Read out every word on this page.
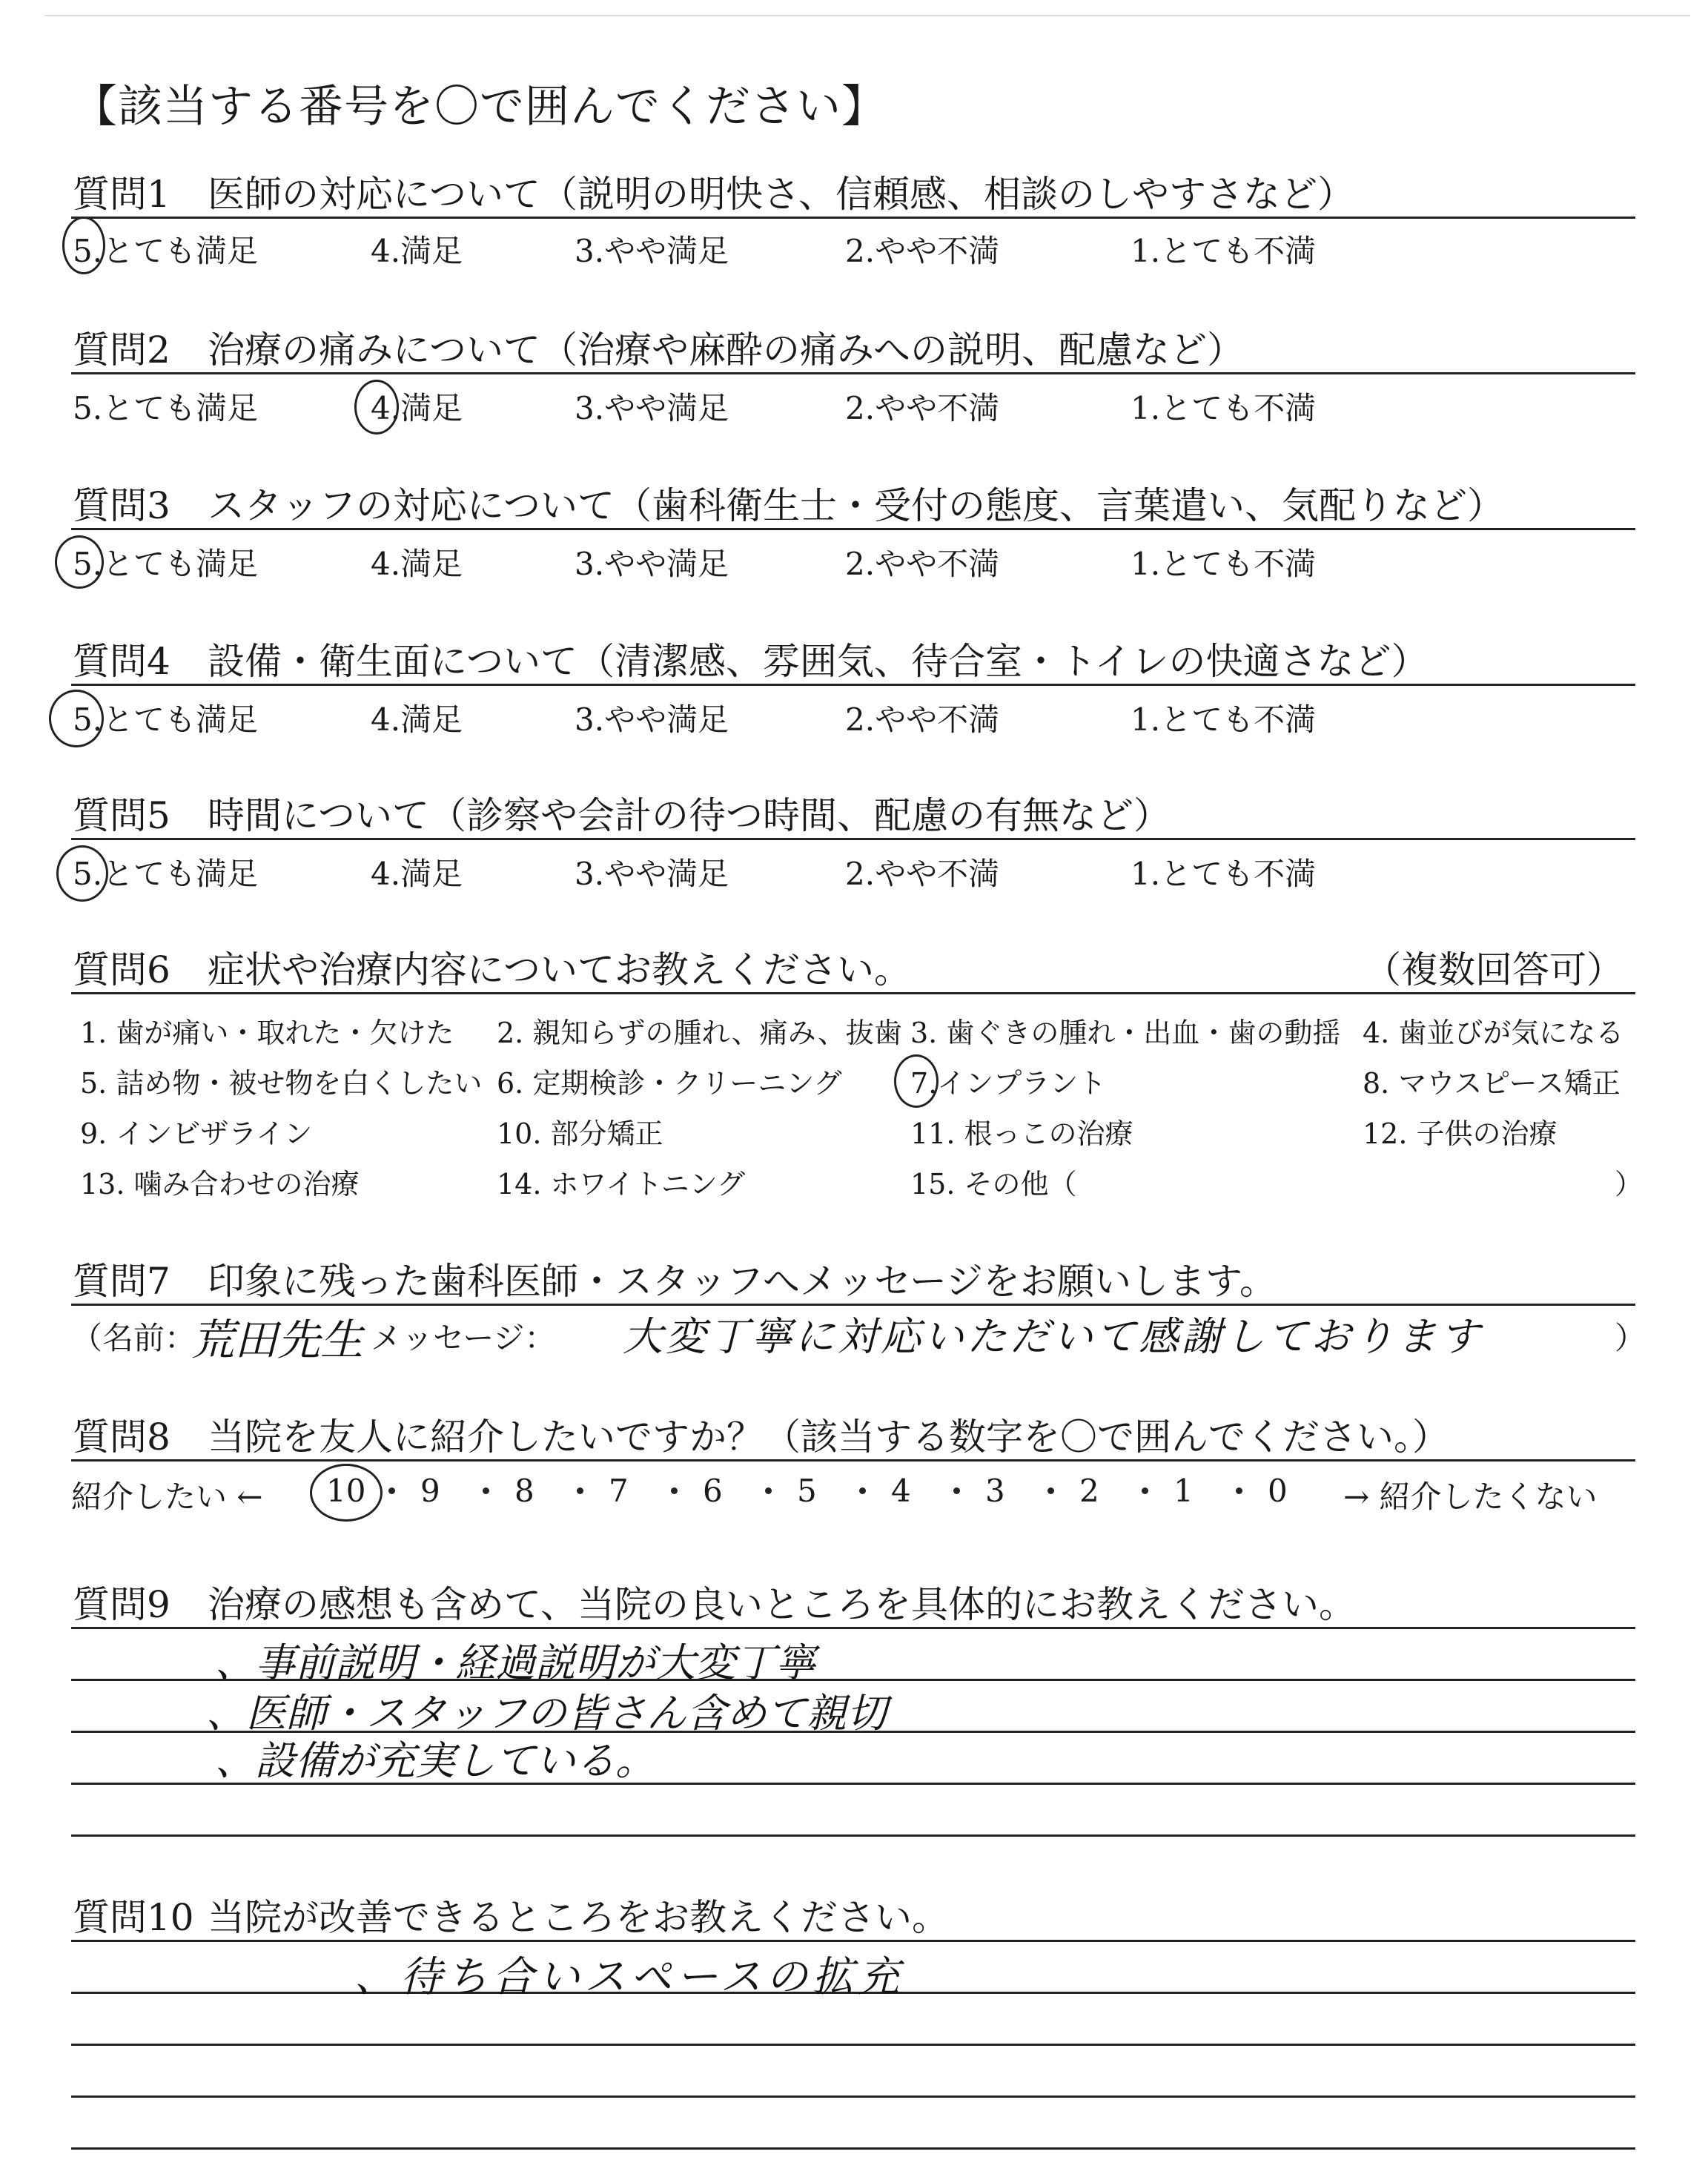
【該当する番号を〇で囲んでください】
質問1 医師の対応について（説明の明快さ、信頼感、相談のしやすさなど）
5.とても満足	4.満足	3.やや満足	2.やや不満	1.とても不満
質問2 治療の痛みについて（治療や麻酔の痛みへの説明、配慮など）
5.とても満足	4.満足	3.やや満足	2.やや不満	1.とても不満
質問3 スタッフの対応について（歯科衛生士・受付の態度、言葉遣い、気配りなど）
5.とても満足	4.満足	3.やや満足	2.やや不満	1.とても不満
質問4 設備・衛生面について（清潔感、雰囲気、待合室・トイレの快適さなど）
5.とても満足	4.満足	3.やや満足	2.やや不満	1.とても不満
質問5 時間について（診察や会計の待つ時間、配慮の有無など）
5.とても満足	4.満足	3.やや満足	2.やや不満	1.とても不満
質問6 症状や治療内容についてお教えください。	（複数回答可）
1. 歯が痛い・取れた・欠けた 2. 親知らずの腫れ、痛み、抜歯 3. 歯ぐきの腫れ・出血・歯の動揺 4. 歯並びが気になる
5. 詰め物・被せ物を白くしたい 6. 定期検診・クリーニング 7.インプラント	8. マウスピース矯正
9. インビザライン	10. 部分矯正	11. 根っこの治療	12. 子供の治療
13. 噛み合わせの治療	14. ホワイトニング	15. その他（	）
質問7 印象に残った歯科医師・スタッフへメッセージをお願いします。
（名前：
荒田先生 メッセージ： 大変丁寧に対応いただいて感謝しております	）
質問8 当院を友人に紹介したいですか？（該当する数字を〇で囲んでください。）
紹介したい ←	→ 紹介したくない
10 9 8 7 6 5 4 3 2 1 0
質問9 治療の感想も含めて、当院の良いところを具体的にお教えください。
、事前説明・経過説明が大変丁寧
、医師・スタッフの皆さん含めて親切
、設備が充実している。
質問10 当院が改善できるところをお教えください。
、待ち合いスペースの拡充
